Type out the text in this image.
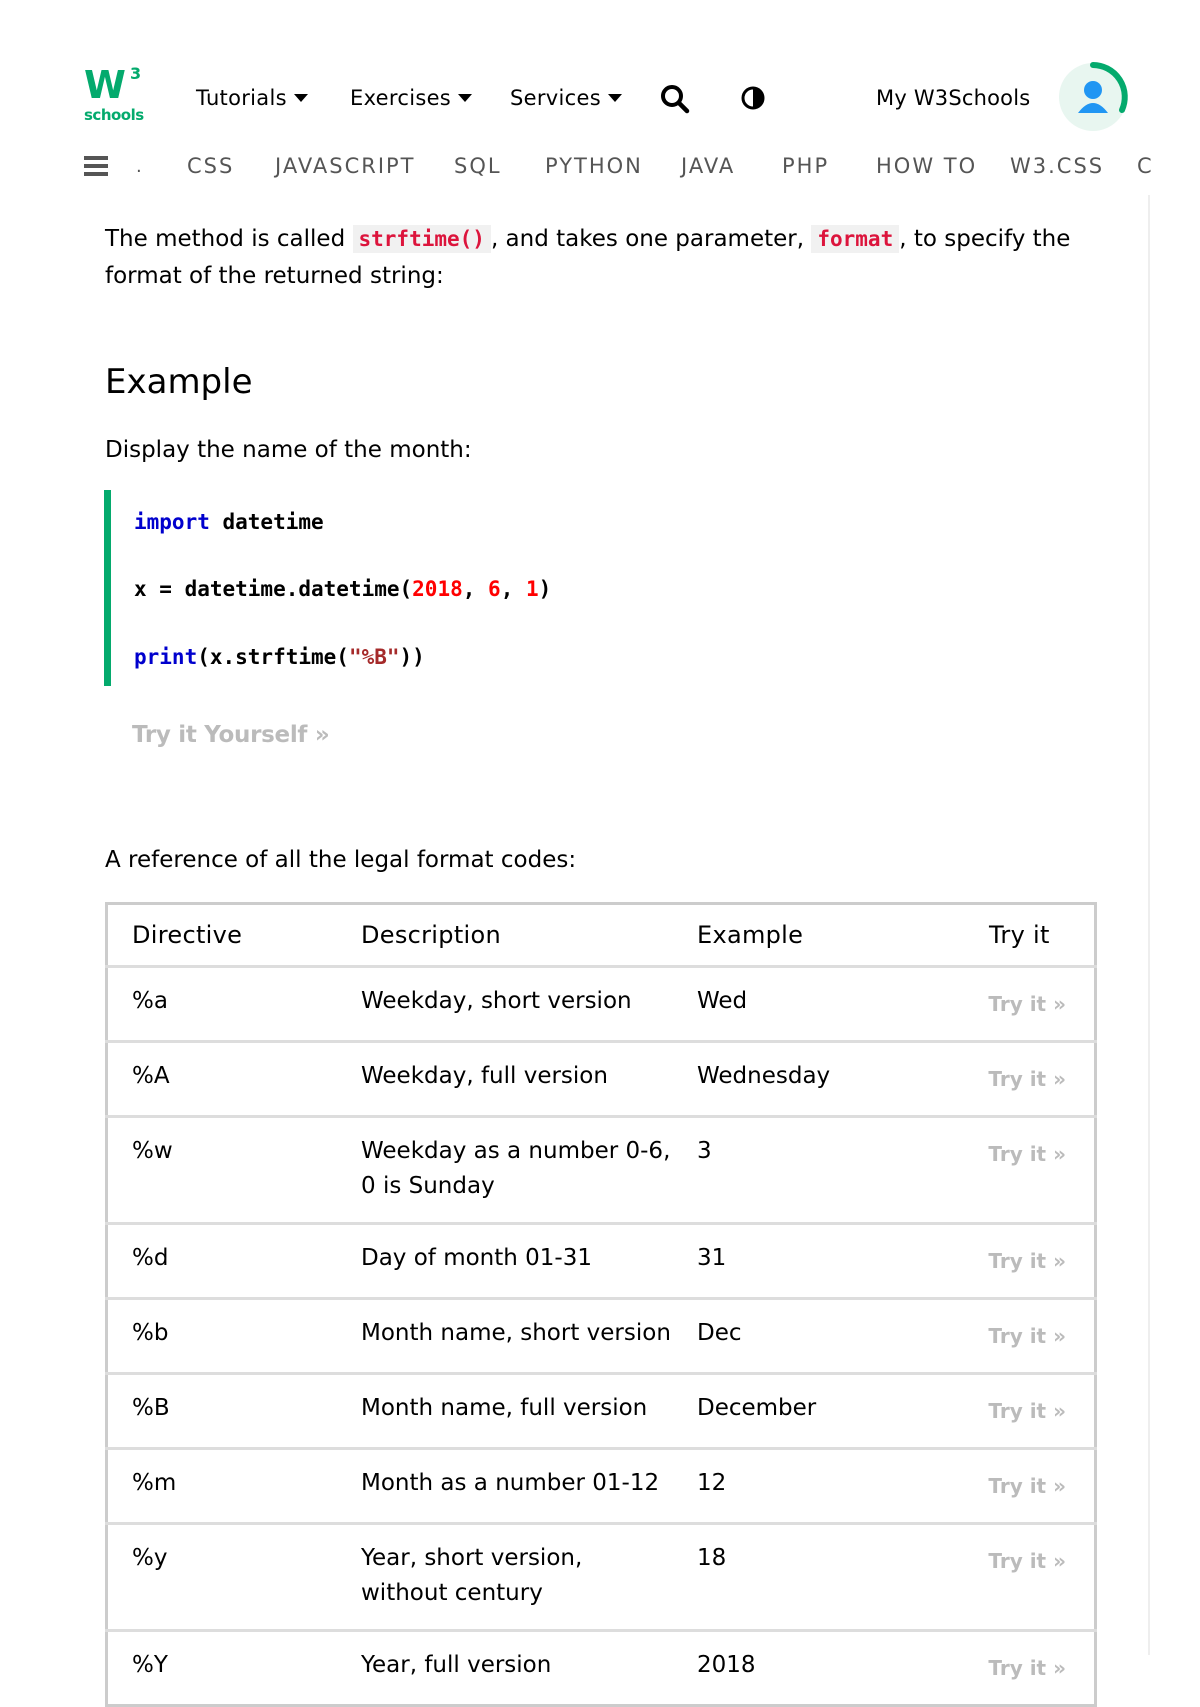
W 3
schools
Tutorials	Exercises	Services	My W3Schools
. CSS JAVASCRIPT SQL PYTHON JAVA PHP HOW TO W3.CSS C
The method is called strftime() , and takes one parameter, format , to specify the
format of the returned string:
Example
Display the name of the month:
import datetime
x = datetime.datetime(2018, 6, 1)
print(x.strftime("%B"))
Try it Yourself »
A reference of all the legal format codes:
Directive	Description	Example	Try it
%a	Weekday, short version	Wed	Try it »
%A	Weekday, full version	Wednesday	Try it »
%w	Weekday as a number 0-6, 0 is Sunday	3	Try it »
%d	Day of month 01-31	31	Try it »
%b	Month name, short version	Dec	Try it »
%B	Month name, full version	December	Try it »
%m	Month as a number 01-12	12	Try it »
%y	Year, short version, without century	18	Try it »
%Y	Year, full version	2018	Try it »
